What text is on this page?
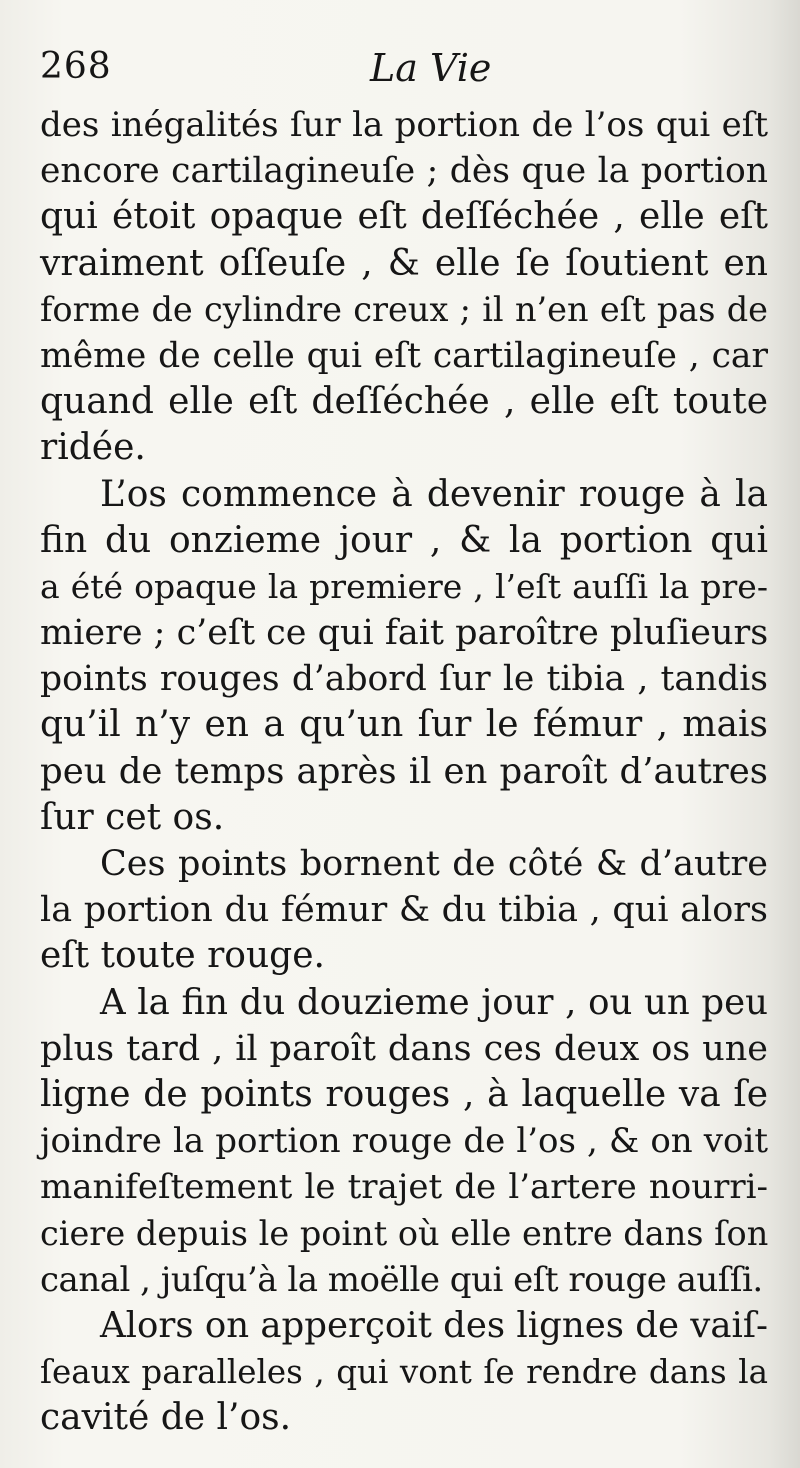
268	La Vie
des inégalités ſur la portion de l’os qui eſt
encore cartilagineuſe ; dès que la portion
qui étoit opaque eſt deſſéchée , elle eſt
vraiment oſſeuſe , & elle ſe ſoutient en
forme de cylindre creux ; il n’en eſt pas de
même de celle qui eſt cartilagineuſe , car
quand elle eſt deſſéchée , elle eſt toute
ridée.
L’os commence à devenir rouge à la
fin du onzieme jour , & la portion qui
a été opaque la premiere , l’eſt auſſi la pre-
miere ; c’eſt ce qui fait paroître pluſieurs
points rouges d’abord ſur le tibia , tandis
qu’il n’y en a qu’un ſur le fémur , mais
peu de temps après il en paroît d’autres
ſur cet os.
Ces points bornent de côté & d’autre
la portion du fémur & du tibia , qui alors
eſt toute rouge.
A la fin du douzieme jour , ou un peu
plus tard , il paroît dans ces deux os une
ligne de points rouges , à laquelle va ſe
joindre la portion rouge de l’os , & on voit
manifeſtement le trajet de l’artere nourri-
ciere depuis le point où elle entre dans ſon
canal , juſqu’à la moëlle qui eſt rouge auſſi.
Alors on apperçoit des lignes de vaiſ-
ſeaux paralleles , qui vont ſe rendre dans la
cavité de l’os.
